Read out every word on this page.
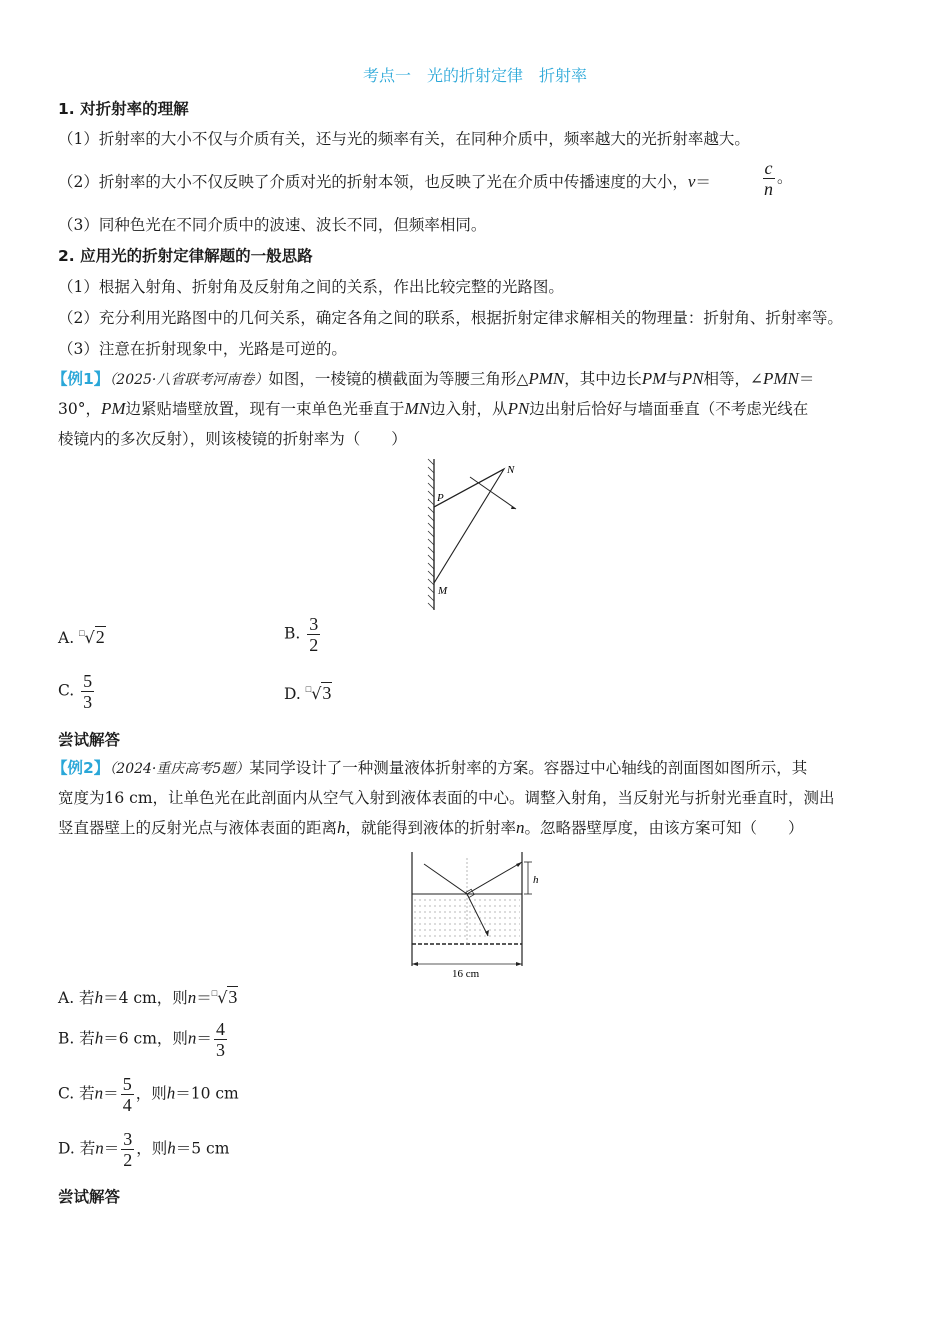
考点一　光的折射定律　折射率
1. 对折射率的理解
（1）折射率的大小不仅与介质有关，还与光的频率有关，在同种介质中，频率越大的光折射率越大。
（2）折射率的大小不仅反映了介质对光的折射本领，也反映了光在介质中传播速度的大小，v＝	$\frac{c}{n}$ 。
（3）同种色光在不同介质中的波速、波长不同，但频率相同。
2. 应用光的折射定律解题的一般思路
（1）根据入射角、折射角及反射角之间的关系，作出比较完整的光路图。
（2）充分利用光路图中的几何关系，确定各角之间的联系，根据折射定律求解相关的物理量：折射角、折射率等。
（3）注意在折射现象中，光路是可逆的。
【例1】（2025·八省联考河南卷）如图，一棱镜的横截面为等腰三角形△PMN，其中边长PM与PN相等，∠PMN＝
30°，PM边紧贴墙壁放置，现有一束单色光垂直于MN边入射，从PN边出射后恰好与墙面垂直（不考虑光线在
棱镜内的多次反射），则该棱镜的折射率为（　　）
N
P
M
A. □√2	B. $\frac{3}{2}$
C. $\frac{5}{3}$	D. □√3
尝试解答
【例2】（2024·重庆高考5题）某同学设计了一种测量液体折射率的方案。容器过中心轴线的剖面图如图所示，其
宽度为16 cm，让单色光在此剖面内从空气入射到液体表面的中心。调整入射角，当反射光与折射光垂直时，测出
竖直器壁上的反射光点与液体表面的距离h，就能得到液体的折射率n。忽略器壁厚度，由该方案可知（　　）
h
16 cm
A. 若h＝4 cm，则n＝□√3
B. 若h＝6 cm，则$n= \frac{4}{3}$
C. 若$n= \frac{5}{4}$ ，则h＝10 cm
D. 若$n= \frac{3}{2}$ ，则h＝5 cm
尝试解答
